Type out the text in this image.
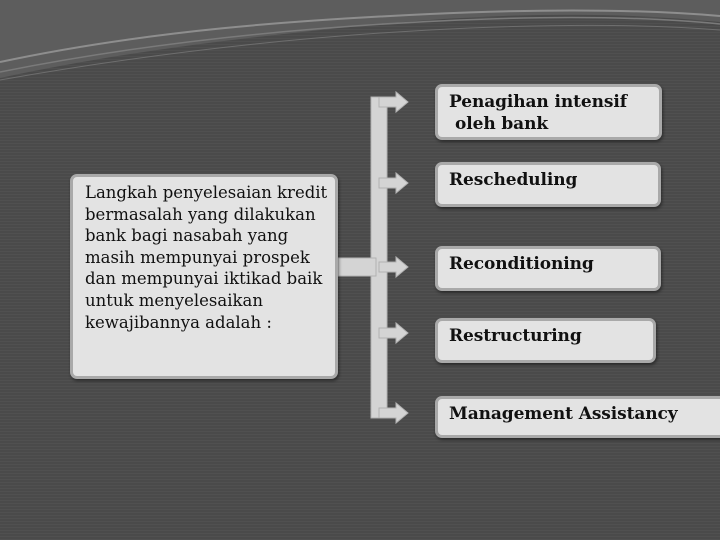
Langkah penyelesaian kredit bermasalah yang dilakukan bank bagi nasabah yang masih mempunyai prospek dan mempunyai iktikad baik untuk menyelesaikan kewajibannya adalah :
Penagihan intensif
oleh bank
Rescheduling
Reconditioning
Restructuring
Management Assistancy
